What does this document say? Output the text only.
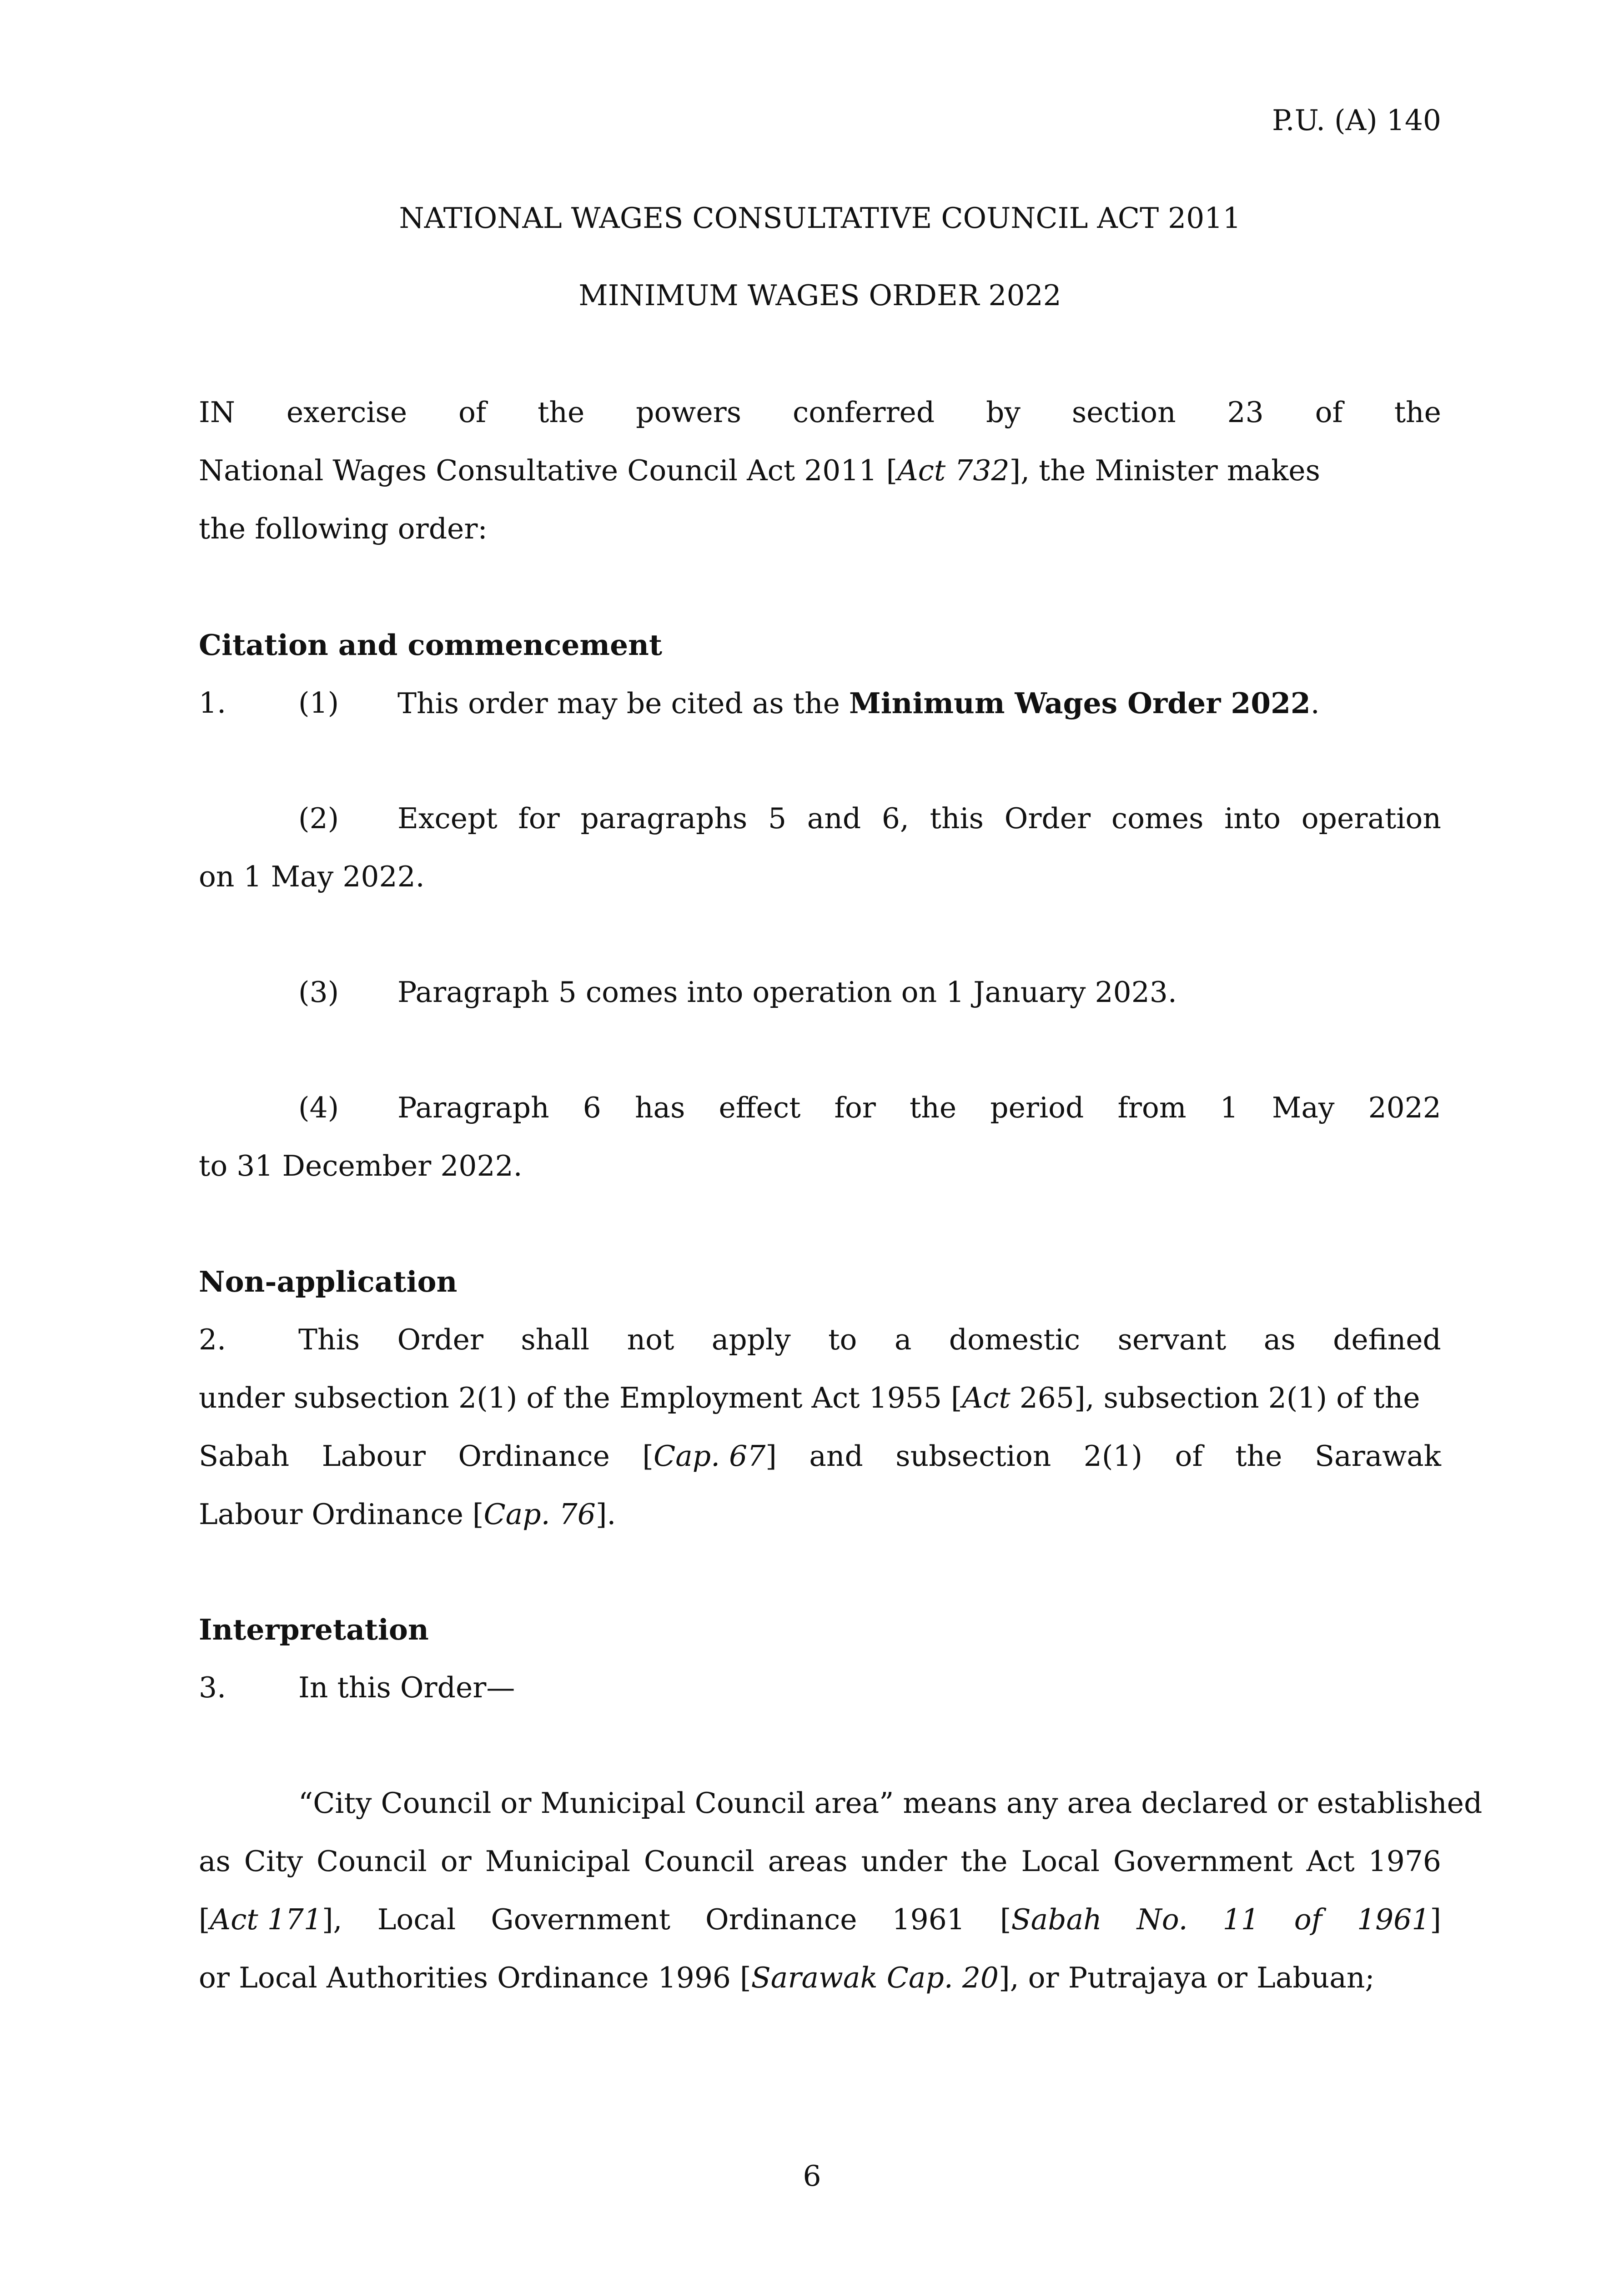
P.U. (A) 140
NATIONAL WAGES CONSULTATIVE COUNCIL ACT 2011
MINIMUM WAGES ORDER 2022
IN exercise of the powers conferred by section 23 of the
National Wages Consultative Council Act 2011 [Act 732], the Minister makes
the following order:
Citation and commencement
1.	(1) This order may be cited as the Minimum Wages Order 2022.
(2) Except for paragraphs 5 and 6, this Order comes into operation
on 1 May 2022.
(3) Paragraph 5 comes into operation on 1 January 2023.
(4) Paragraph 6 has effect for the period from 1 May 2022
to 31 December 2022.
Non-application
2.	This Order shall not apply to a domestic servant as defined
under subsection 2(1) of the Employment Act 1955 [Act 265], subsection 2(1) of the
Sabah Labour Ordinance [Cap. 67] and subsection 2(1) of the Sarawak
Labour Ordinance [Cap. 76].
Interpretation
3.	In this Order—
“City Council or Municipal Council area” means any area declared or established
as City Council or Municipal Council areas under the Local Government Act 1976
[Act 171], Local Government Ordinance 1961 [Sabah No. 11 of 1961]
or Local Authorities Ordinance 1996 [Sarawak Cap. 20], or Putrajaya or Labuan;
6
